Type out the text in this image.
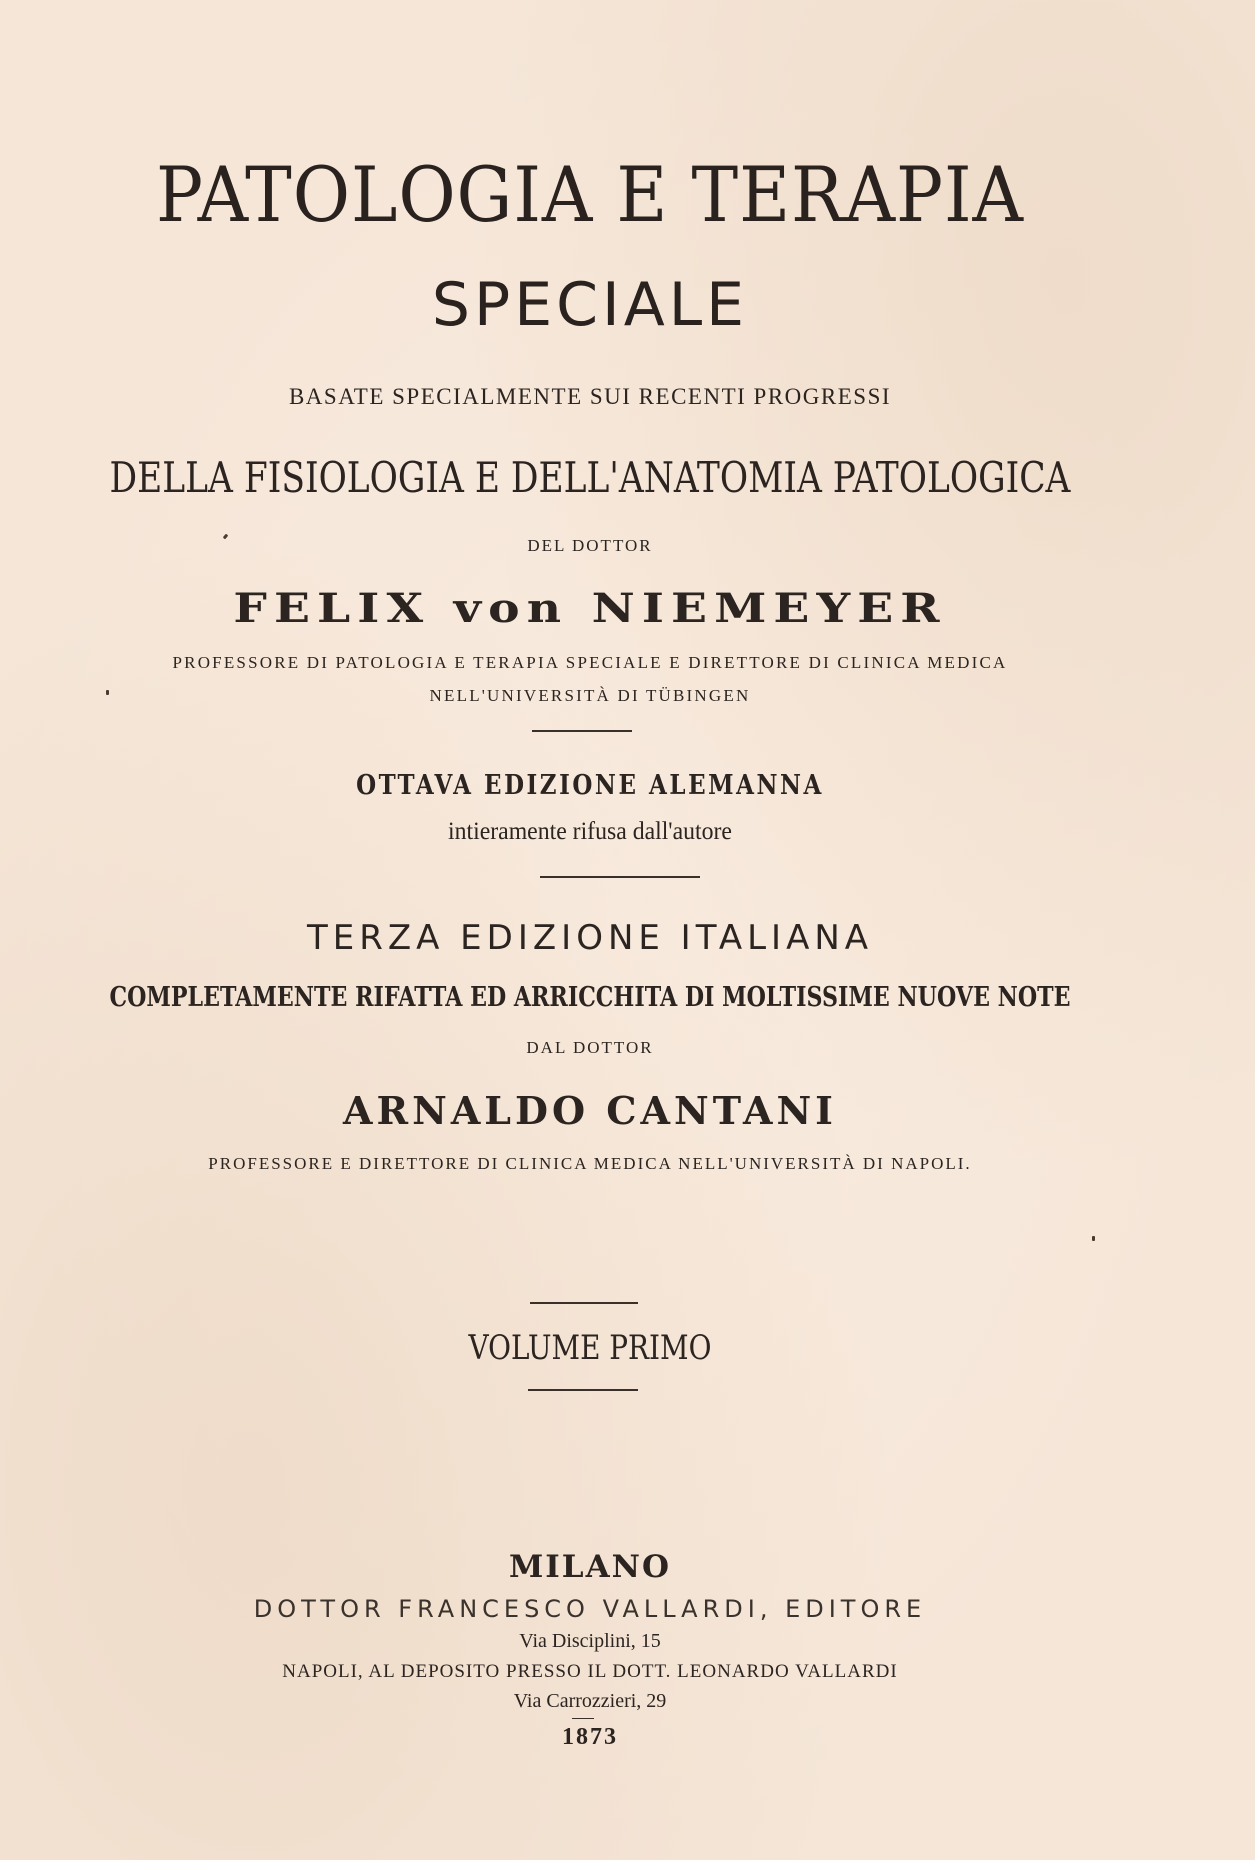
PATOLOGIA E TERAPIA
SPECIALE
BASATE SPECIALMENTE SUI RECENTI PROGRESSI
DELLA FISIOLOGIA E DELL'ANATOMIA PATOLOGICA
DEL DOTTOR
FELIX von NIEMEYER
PROFESSORE DI PATOLOGIA E TERAPIA SPECIALE E DIRETTORE DI CLINICA MEDICA
NELL'UNIVERSITÀ DI TÜBINGEN
OTTAVA EDIZIONE ALEMANNA
intieramente rifusa dall'autore
TERZA EDIZIONE ITALIANA
COMPLETAMENTE RIFATTA ED ARRICCHITA DI MOLTISSIME NUOVE NOTE
DAL DOTTOR
ARNALDO CANTANI
PROFESSORE E DIRETTORE DI CLINICA MEDICA NELL'UNIVERSITÀ DI NAPOLI.
VOLUME PRIMO
MILANO
DOTTOR FRANCESCO VALLARDI, EDITORE
Via Disciplini, 15
NAPOLI, AL DEPOSITO PRESSO IL DOTT. LEONARDO VALLARDI
Via Carrozzieri, 29
1873
